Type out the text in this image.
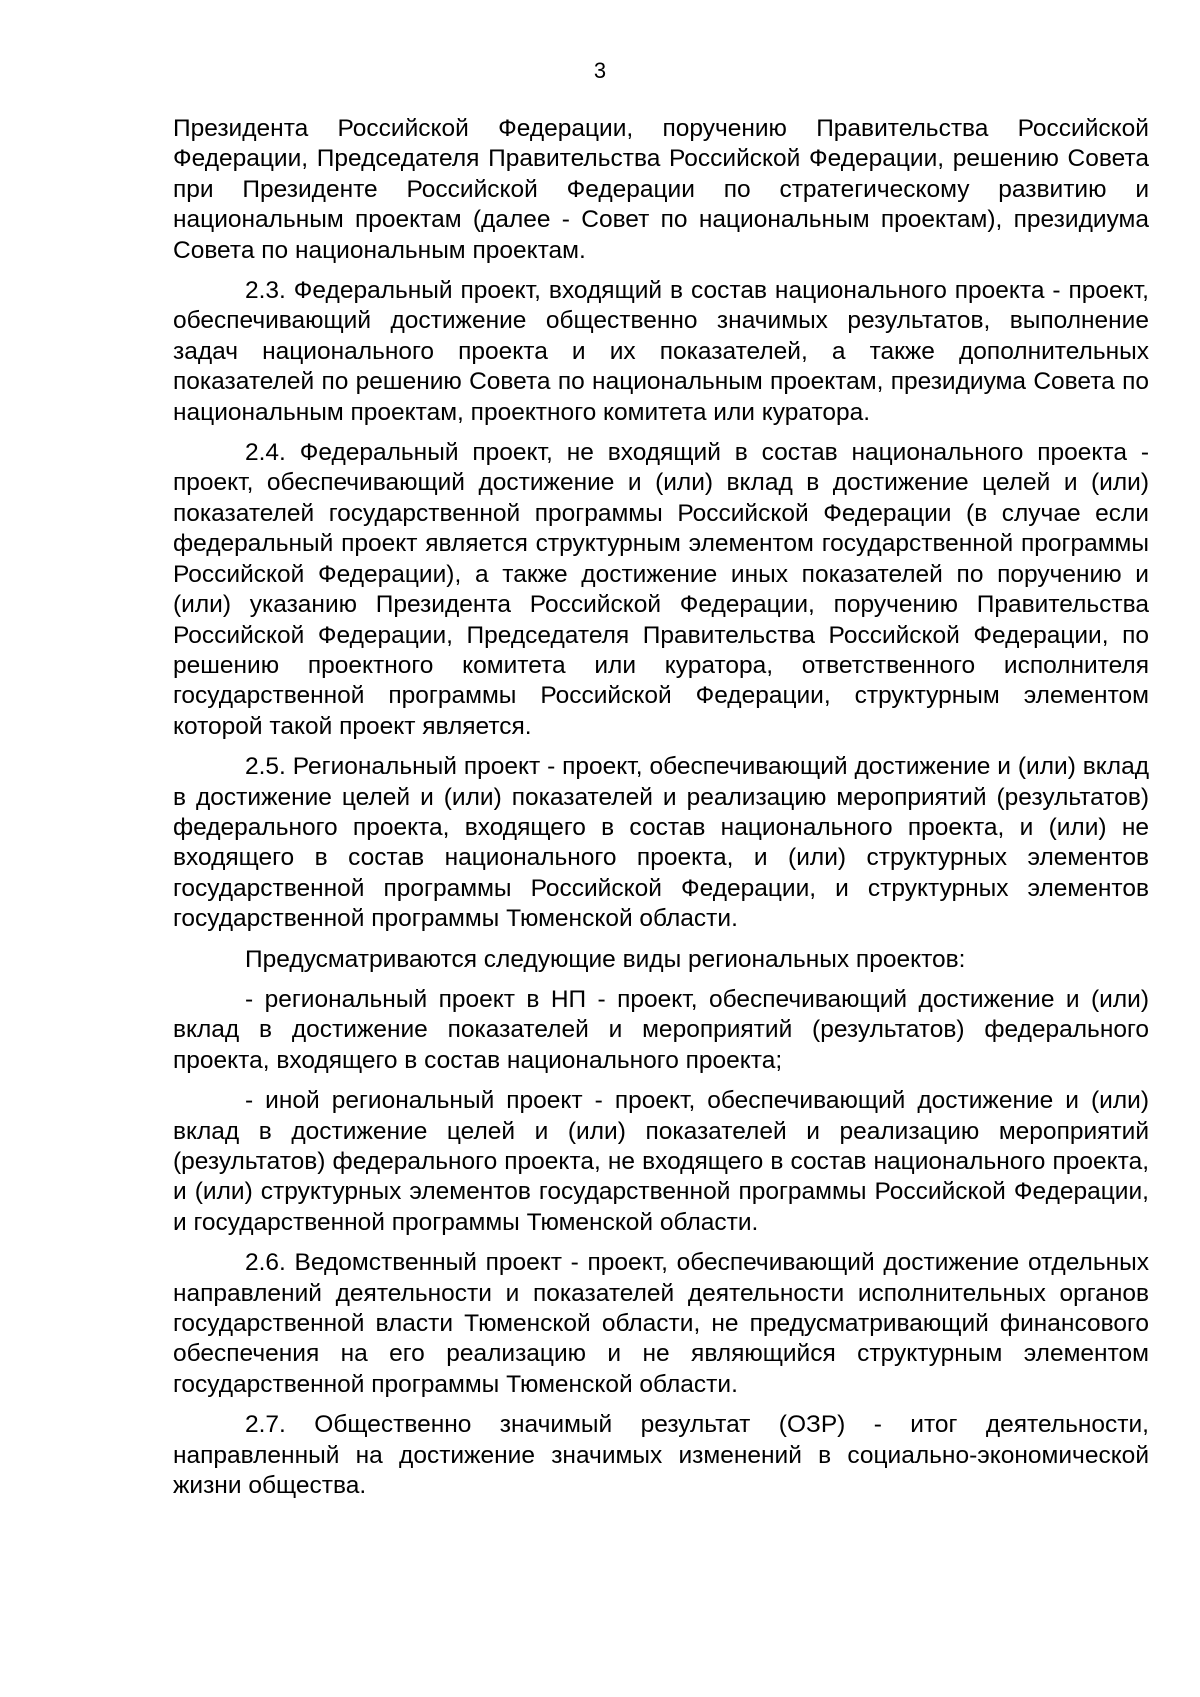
3

Президента Российской Федерации, поручению Правительства Российской Федерации, Председателя Правительства Российской Федерации, решению Совета при Президенте Российской Федерации по стратегическому развитию и национальным проектам (далее - Совет по национальным проектам), президиума Совета по национальным проектам.

2.3. Федеральный проект, входящий в состав национального проекта - проект, обеспечивающий достижение общественно значимых результатов, выполнение задач национального проекта и их показателей, а также дополнительных показателей по решению Совета по национальным проектам, президиума Совета по национальным проектам, проектного комитета или куратора.

2.4. Федеральный проект, не входящий в состав национального проекта - проект, обеспечивающий достижение и (или) вклад в достижение целей и (или) показателей государственной программы Российской Федерации (в случае если федеральный проект является структурным элементом государственной программы Российской Федерации), а также достижение иных показателей по поручению и (или) указанию Президента Российской Федерации, поручению Правительства Российской Федерации, Председателя Правительства Российской Федерации, по решению проектного комитета или куратора, ответственного исполнителя государственной программы Российской Федерации, структурным элементом которой такой проект является.

2.5. Региональный проект - проект, обеспечивающий достижение и (или) вклад в достижение целей и (или) показателей и реализацию мероприятий (результатов) федерального проекта, входящего в состав национального проекта, и (или) не входящего в состав национального проекта, и (или) структурных элементов государственной программы Российской Федерации, и структурных элементов государственной программы Тюменской области.

Предусматриваются следующие виды региональных проектов:

- региональный проект в НП - проект, обеспечивающий достижение и (или) вклад в достижение показателей и мероприятий (результатов) федерального проекта, входящего в состав национального проекта;

- иной региональный проект - проект, обеспечивающий достижение и (или) вклад в достижение целей и (или) показателей и реализацию мероприятий (результатов) федерального проекта, не входящего в состав национального проекта, и (или) структурных элементов государственной программы Российской Федерации, и государственной программы Тюменской области.

2.6. Ведомственный проект - проект, обеспечивающий достижение отдельных направлений деятельности и показателей деятельности исполнительных органов государственной власти Тюменской области, не предусматривающий финансового обеспечения на его реализацию и не являющийся структурным элементом государственной программы Тюменской области.

2.7. Общественно значимый результат (ОЗР) - итог деятельности, направленный на достижение значимых изменений в социально-экономической жизни общества.
